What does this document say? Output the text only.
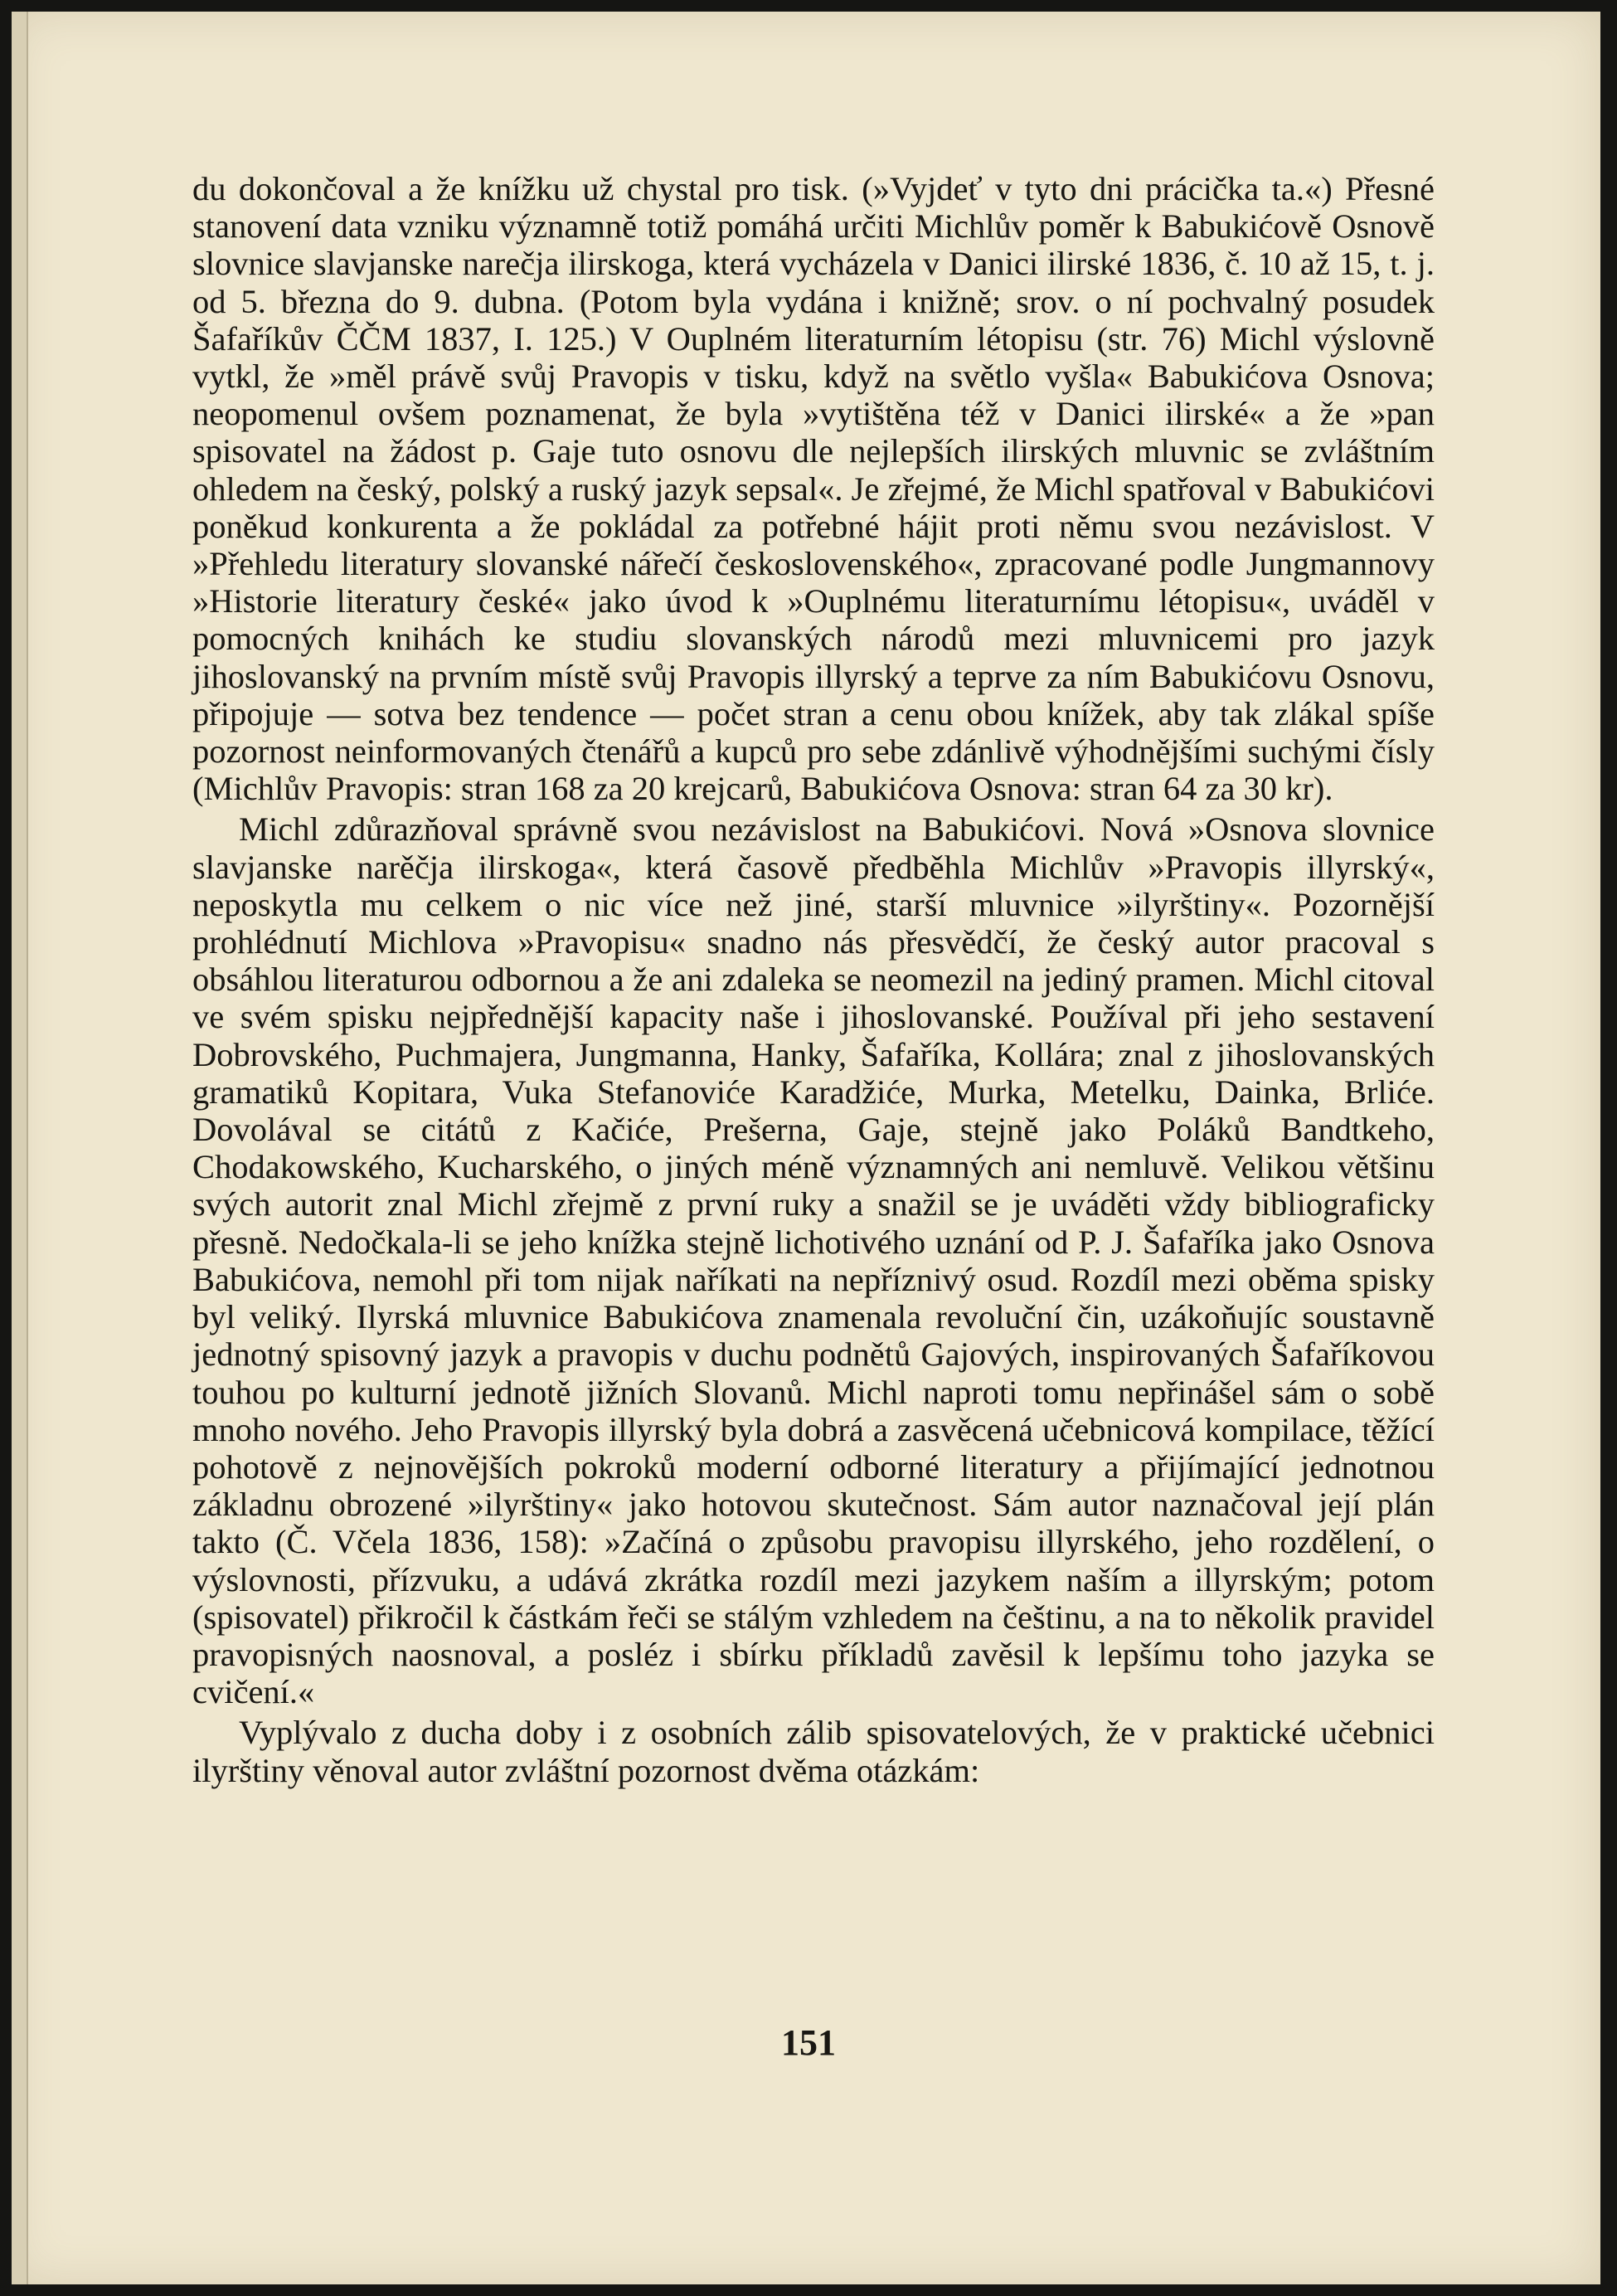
du dokončoval a že knížku už chystal pro tisk. (»Vyjdeť v tyto dni prácička ta.«) Přesné stanovení data vzniku významně totiž pomáhá určiti Michlův poměr k Babukićově Osnově slovnice slavjanske narečja ilirskoga, která vycházela v Danici ilirské 1836, č. 10 až 15, t. j. od 5. března do 9. dubna. (Potom byla vydána i knižně; srov. o ní pochvalný posudek Šafaříkův ČČM 1837, I. 125.) V Ouplném literaturním létopisu (str. 76) Michl výslovně vytkl, že »měl právě svůj Pravopis v tisku, když na světlo vyšla« Babukićova Osnova; neopomenul ovšem poznamenat, že byla »vytištěna též v Danici ilirské« a že »pan spisovatel na žádost p. Gaje tuto osnovu dle nejlepších ilirských mluvnic se zvláštním ohledem na český, polský a ruský jazyk sepsal«. Je zřejmé, že Michl spatřoval v Babukićovi poněkud konkurenta a že pokládal za potřebné hájit proti němu svou nezávislost. V »Přehledu literatury slovanské nářečí československého«, zpracované podle Jungmannovy »Historie literatury české« jako úvod k »Ouplnému literaturnímu létopisu«, uváděl v pomocných knihách ke studiu slovanských národů mezi mluvnicemi pro jazyk jihoslovanský na prvním místě svůj Pravopis illyrský a teprve za ním Babukićovu Osnovu, připojuje — sotva bez tendence — počet stran a cenu obou knížek, aby tak zlákal spíše pozornost neinformovaných čtenářů a kupců pro sebe zdánlivě výhodnějšími suchými čísly (Michlův Pravopis: stran 168 za 20 krejcarů, Babukićova Osnova: stran 64 za 30 kr).

Michl zdůrazňoval správně svou nezávislost na Babukićovi. Nová »Osnova slovnice slavjanske narěčja ilirskoga«, která časově předběhla Michlův »Pravopis illyrský«, neposkytla mu celkem o nic více než jiné, starší mluvnice »ilyrštiny«. Pozornější prohlédnutí Michlova »Pravopisu« snadno nás přesvědčí, že český autor pracoval s obsáhlou literaturou odbornou a že ani zdaleka se neomezil na jediný pramen. Michl citoval ve svém spisku nejpřednější kapacity naše i jihoslovanské. Používal při jeho sestavení Dobrovského, Puchmajera, Jungmanna, Hanky, Šafaříka, Kollára; znal z jihoslovanských gramatiků Kopitara, Vuka Stefanoviće Karadžiće, Murka, Metelku, Dainka, Brliće. Dovolával se citátů z Kačiće, Prešerna, Gaje, stejně jako Poláků Bandtkeho, Chodakowského, Kucharského, o jiných méně významných ani nemluvě. Velikou většinu svých autorit znal Michl zřejmě z první ruky a snažil se je uváděti vždy bibliograficky přesně. Nedočkala-li se jeho knížka stejně lichotivého uznání od P. J. Šafaříka jako Osnova Babukićova, nemohl při tom nijak naříkati na nepříznivý osud. Rozdíl mezi oběma spisky byl veliký. Ilyrská mluvnice Babukićova znamenala revoluční čin, uzákoňujíc soustavně jednotný spisovný jazyk a pravopis v duchu podnětů Gajových, inspirovaných Šafaříkovou touhou po kulturní jednotě jižních Slovanů. Michl naproti tomu nepřinášel sám o sobě mnoho nového. Jeho Pravopis illyrský byla dobrá a zasvěcená učebnicová kompilace, těžící pohotově z nejnovějších pokroků moderní odborné literatury a přijímající jednotnou základnu obrozené »ilyrštiny« jako hotovou skutečnost. Sám autor naznačoval její plán takto (Č. Včela 1836, 158): »Začíná o způsobu pravopisu illyrského, jeho rozdělení, o výslovnosti, přízvuku, a udává zkrátka rozdíl mezi jazykem naším a illyrským; potom (spisovatel) přikročil k částkám řeči se stálým vzhledem na češtinu, a na to několik pravidel pravopisných naosnoval, a posléz i sbírku příkladů zavěsil k lepšímu toho jazyka se cvičení.«

Vyplývalo z ducha doby i z osobních zálib spisovatelových, že v praktické učebnici ilyrštiny věnoval autor zvláštní pozornost dvěma otázkám:

151
